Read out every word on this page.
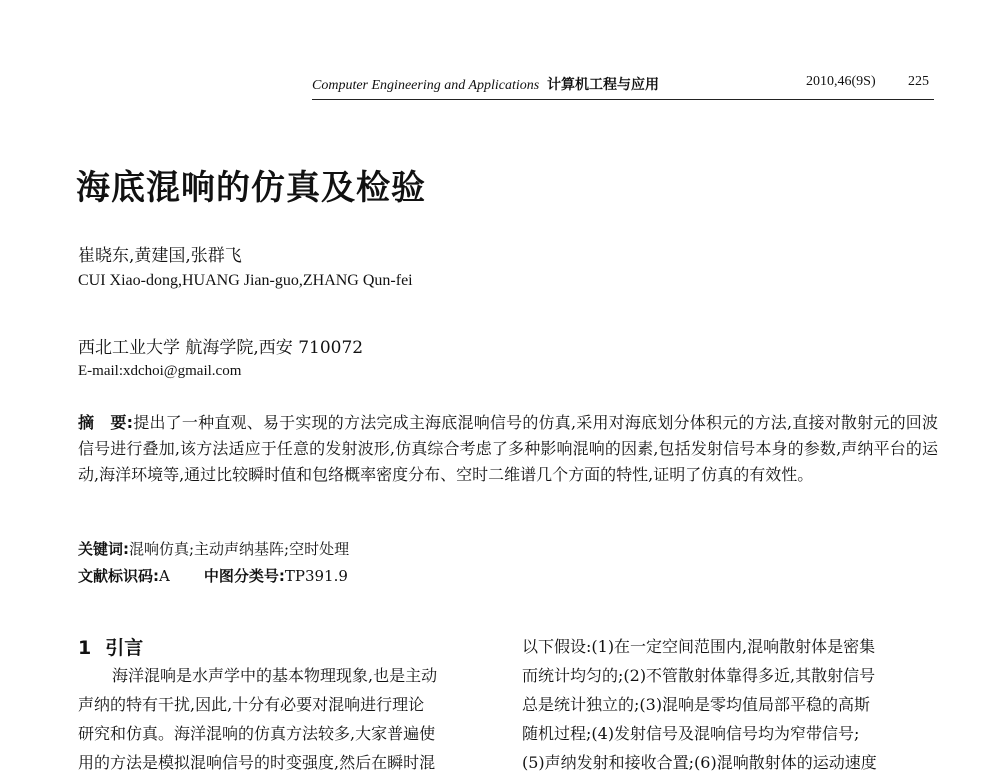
Computer Engineering and Applications 计算机工程与应用	2010,46(9S) 225
海底混响的仿真及检验
崔晓东,黄建国,张群飞
CUI Xiao-dong,HUANG Jian-guo,ZHANG Qun-fei
西北工业大学 航海学院,西安 710072
E-mail:xdchoi@gmail.com
摘　要:提出了一种直观、易于实现的方法完成主海底混响信号的仿真,采用对海底划分体积元的方法,直接对散射元的回波信号进行叠加,该方法适应于任意的发射波形,仿真综合考虑了多种影响混响的因素,包括发射信号本身的参数,声纳平台的运动,海洋环境等,通过比较瞬时值和包络概率密度分布、空时二维谱几个方面的特性,证明了仿真的有效性。
关键词:混响仿真;主动声纳基阵;空时处理
文献标识码:A 中图分类号:TP391.9
1 引言
海洋混响是水声学中的基本物理现象,也是主动
声纳的特有干扰,因此,十分有必要对混响进行理论
研究和仿真。海洋混响的仿真方法较多,大家普遍使
用的方法是模拟混响信号的时变强度,然后在瞬时混
以下假设:(1)在一定空间范围内,混响散射体是密集
而统计均匀的;(2)不管散射体靠得多近,其散射信号
总是统计独立的;(3)混响是零均值局部平稳的高斯
随机过程;(4)发射信号及混响信号均为窄带信号;
(5)声纳发射和接收合置;(6)混响散射体的运动速度
